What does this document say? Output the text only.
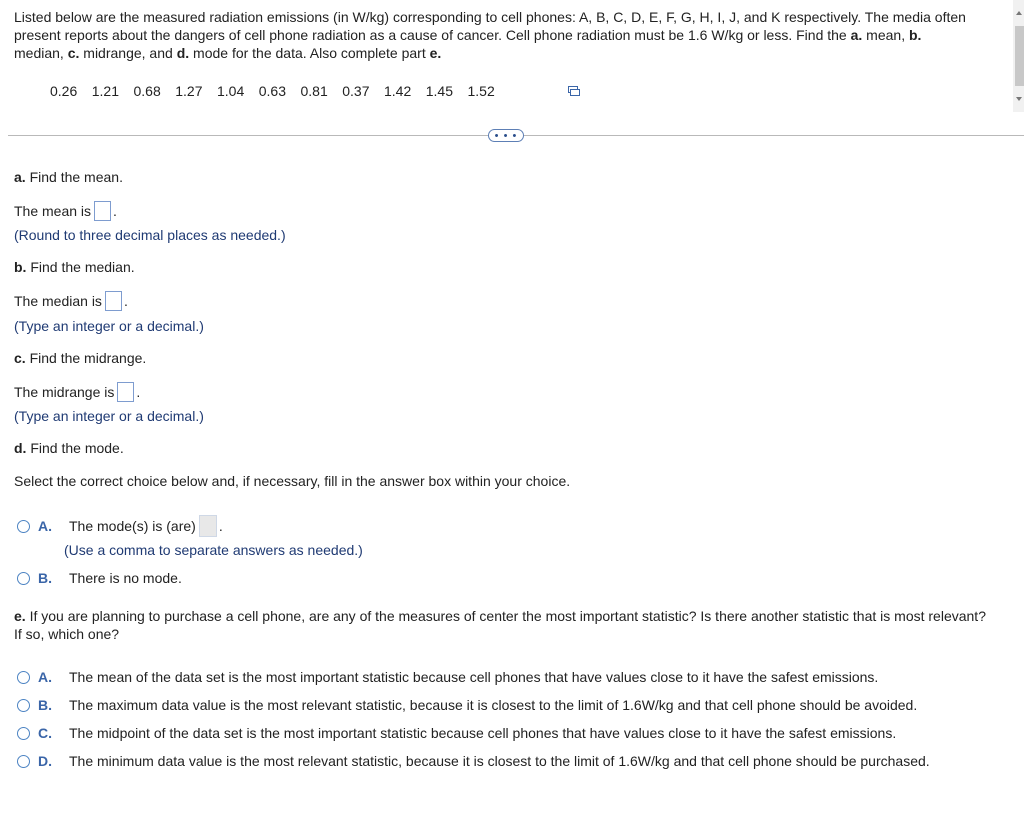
Listed below are the measured radiation emissions (in W/kg) corresponding to cell phones: A, B, C, D, E, F, G, H, I, J, and K respectively. The media often present reports about the dangers of cell phone radiation as a cause of cancer. Cell phone radiation must be 1.6 W/kg or less. Find the a. mean, b.
median, c. midrange, and d. mode for the data. Also complete part e.
0.26 1.21 0.68 1.27 1.04 0.63 0.81 0.37 1.42 1.45 1.52
• • •
a. Find the mean.
The mean is .
(Round to three decimal places as needed.)
b. Find the median.
The median is .
(Type an integer or a decimal.)
c. Find the midrange.
The midrange is .
(Type an integer or a decimal.)
d. Find the mode.
Select the correct choice below and, if necessary, fill in the answer box within your choice.
A.	The mode(s) is (are) .
(Use a comma to separate answers as needed.)
B.	There is no mode.
e. If you are planning to purchase a cell phone, are any of the measures of center the most important statistic? Is there another statistic that is most relevant?
If so, which one?
A.	The mean of the data set is the most important statistic because cell phones that have values close to it have the safest emissions.
B.	The maximum data value is the most relevant statistic, because it is closest to the limit of 1.6W/kg and that cell phone should be avoided.
C.	The midpoint of the data set is the most important statistic because cell phones that have values close to it have the safest emissions.
D.	The minimum data value is the most relevant statistic, because it is closest to the limit of 1.6W/kg and that cell phone should be purchased.
